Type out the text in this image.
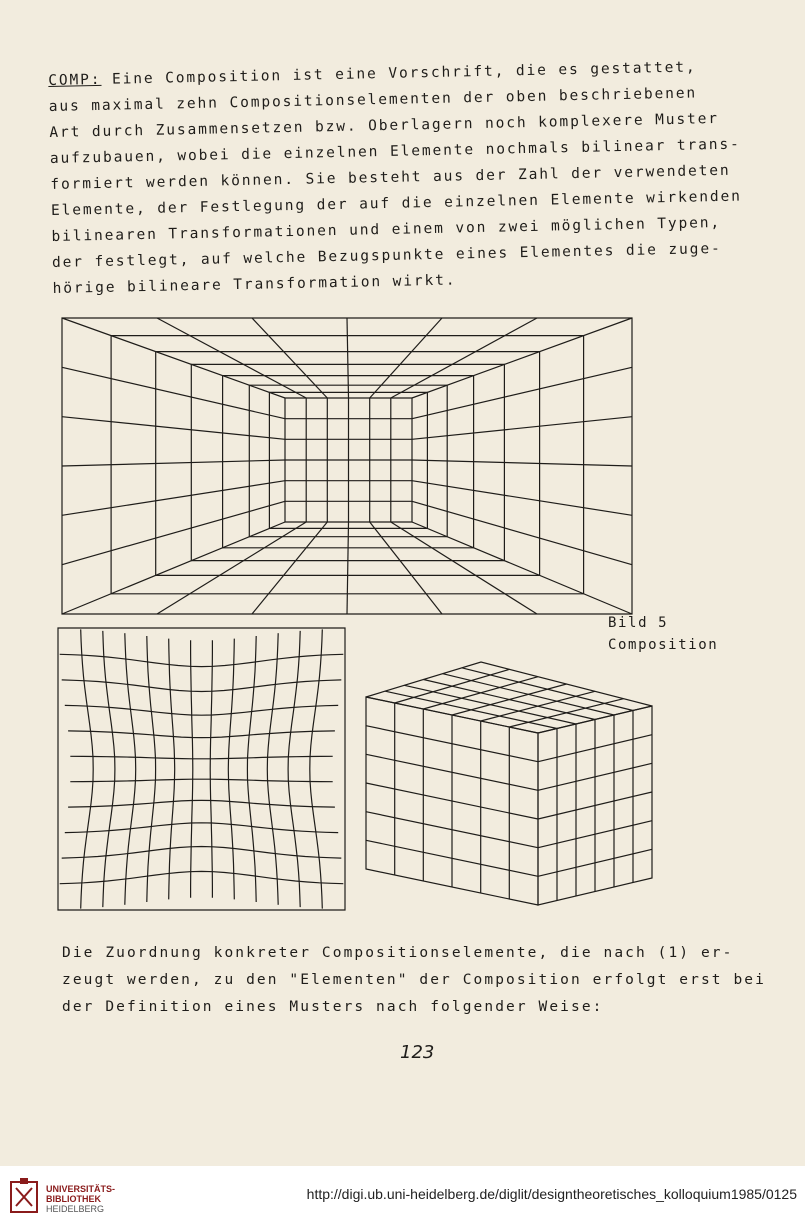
COMP: Eine Composition ist eine Vorschrift, die es gestattet,
aus maximal zehn Compositionselementen der oben beschriebenen
Art durch Zusammensetzen bzw. Oberlagern noch komplexere Muster
aufzubauen, wobei die einzelnen Elemente nochmals bilinear trans-
formiert werden können. Sie besteht aus der Zahl der verwendeten
Elemente, der Festlegung der auf die einzelnen Elemente wirkenden
bilinearen Transformationen und einem von zwei möglichen Typen,
der festlegt, auf welche Bezugspunkte eines Elementes die zuge-
hörige bilineare Transformation wirkt.
Bild 5
Composition
Die Zuordnung konkreter Compositionselemente, die nach (1) er-
zeugt werden, zu den "Elementen" der Composition erfolgt erst bei
der Definition eines Musters nach folgender Weise:
123
UNIVERSITÄTS-
BIBLIOTHEK
HEIDELBERG
http://digi.ub.uni-heidelberg.de/diglit/designtheoretisches_kolloquium1985/0125
